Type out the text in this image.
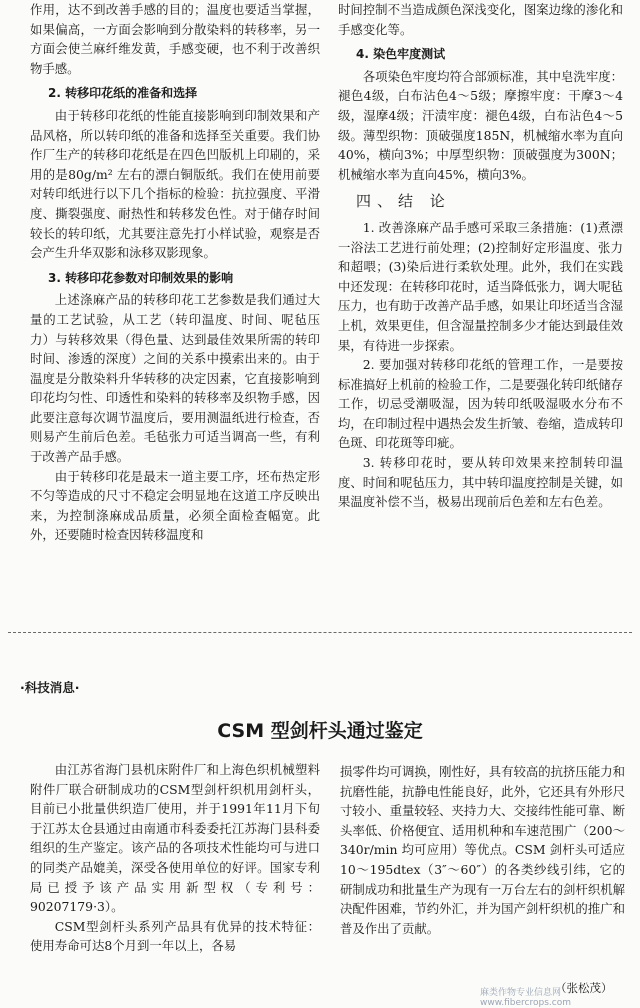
作用，达不到改善手感的目的；温度也要适当掌握，如果偏高，一方面会影响到分散染料的转移率，另一方面会使兰麻纤维发黄，手感变硬，也不利于改善织物手感。

2. 转移印花纸的准备和选择

由于转移印花纸的性能直接影响到印制效果和产品风格，所以转印纸的准备和选择至关重要。我们协作厂生产的转移印花纸是在四色凹版机上印刷的，采用的是80g/m² 左右的漂白铜版纸。我们在使用前要对转印纸进行以下几个指标的检验：抗拉强度、平滑度、撕裂强度、耐热性和转移发色性。对于储存时间较长的转印纸，尤其要注意先打小样试验，观察是否会产生升华双影和泳移双影现象。

3. 转移印花参数对印制效果的影响

上述涤麻产品的转移印花工艺参数是我们通过大量的工艺试验，从工艺（转印温度、时间、呢毡压力）与转移效果（得色量、达到最佳效果所需的转印时间、渗透的深度）之间的关系中摸索出来的。由于温度是分散染料升华转移的决定因素，它直接影响到印花均匀性、印透性和染料的转移率及织物手感，因此要注意每次调节温度后，要用测温纸进行检查，否则易产生前后色差。毛毡张力可适当调高一些，有利于改善产品手感。

由于转移印花是最末一道主要工序，坯布热定形不匀等造成的尺寸不稳定会明显地在这道工序反映出来，为控制涤麻成品质量，必须全面检查幅宽。此外，还要随时检查因转移温度和

时间控制不当造成颜色深浅变化，图案边缘的渗化和手感变化等。

4. 染色牢度测试

各项染色牢度均符合部颁标准，其中皂洗牢度：褪色4级，白布沾色4～5级；摩擦牢度：干摩3～4级，湿摩4级；汗渍牢度：褪色4级，白布沾色4～5级。薄型织物：顶破强度185N，机械缩水率为直向40%，横向3%；中厚型织物：顶破强度为300N；机械缩水率为直向45%，横向3%。

四、结 论

1. 改善涤麻产品手感可采取三条措施：(1)煮漂一浴法工艺进行前处理；(2)控制好定形温度、张力和超喂；(3)染后进行柔软处理。此外，我们在实践中还发现：在转移印花时，适当降低张力，调大呢毡压力，也有助于改善产品手感，如果让印坯适当含湿上机，效果更佳，但含湿量控制多少才能达到最佳效果，有待进一步探索。

2. 要加强对转移印花纸的管理工作，一是要按标准搞好上机前的检验工作，二是要强化转印纸储存工作，切忌受潮吸湿，因为转印纸吸湿吸水分布不均，在印制过程中遇热会发生折皱、卷缩，造成转印色斑、印花斑等印疵。

3. 转移印花时，要从转印效果来控制转印温度、时间和呢毡压力，其中转印温度控制是关键，如果温度补偿不当，极易出现前后色差和左右色差。

·科技消息·
CSM 型剑杆头通过鉴定

由江苏省海门县机床附件厂和上海色织机械塑料附件厂联合研制成功的CSM型剑杆织机用剑杆头，目前已小批量供织造厂使用，并于1991年11月下旬于江苏太仓县通过由南通市科委委托江苏海门县科委组织的生产鉴定。该产品的各项技术性能均可与进口的同类产品媲美，深受各使用单位的好评。国家专利局已授予该产品实用新型权（专利号：90207179·3）。

CSM型剑杆头系列产品具有优异的技术特征：使用寿命可达8个月到一年以上，各易

损零件均可调换，刚性好，具有较高的抗挤压能力和抗磨性能，抗静电性能良好，此外，它还具有外形尺寸较小、重量较轻、夹持力大、交接纬性能可靠、断头率低、价格便宜、适用机种和车速范围广（200～340r/min 均可应用）等优点。CSM 剑杆头可适应10～195dtex（3″～60″）的各类纱线引纬，它的研制成功和批量生产为现有一万台左右的剑杆织机解决配件困难，节约外汇，并为国产剑杆织机的推广和普及作出了贡献。

麻类作物专业信息网 www.fibercrops.com
（张松茂）
